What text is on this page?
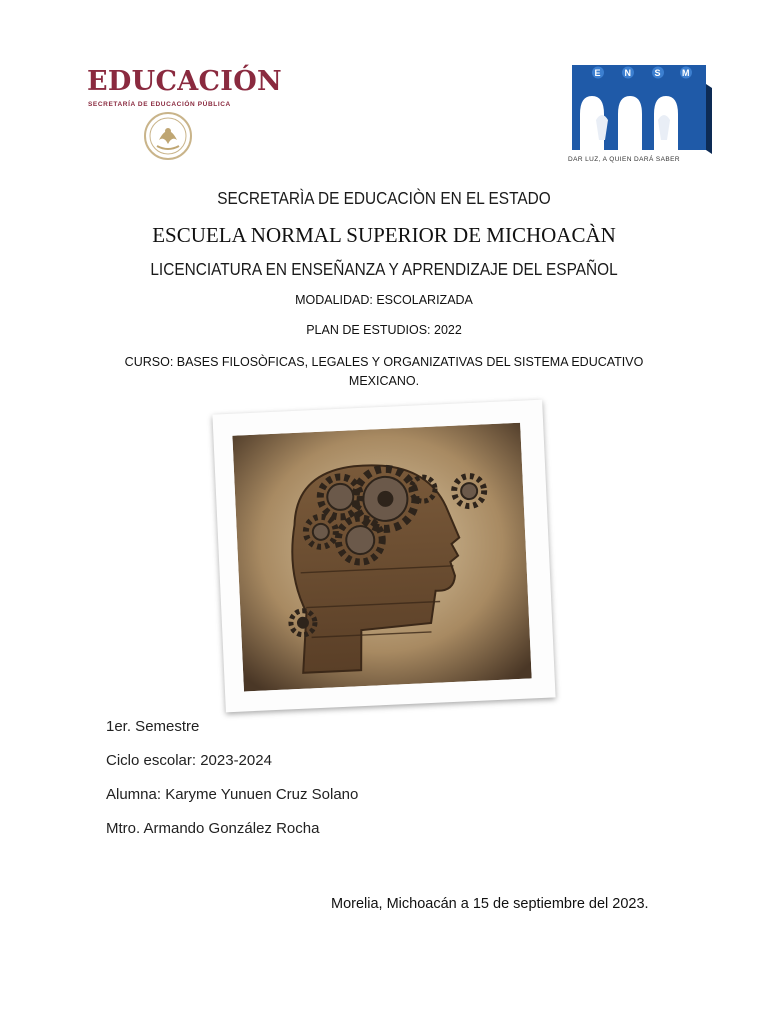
EDUCACIÓN
SECRETARÍA DE EDUCACIÓN PÚBLICA
E	N	S M
DAR LUZ, A QUIEN DARÁ SABER
SECRETARÌA DE EDUCACIÒN EN EL ESTADO
ESCUELA NORMAL SUPERIOR DE MICHOACÀN
LICENCIATURA EN ENSEÑANZA Y APRENDIZAJE DEL ESPAÑOL
MODALIDAD: ESCOLARIZADA
PLAN DE ESTUDIOS: 2022
CURSO: BASES FILOSÒFICAS, LEGALES Y ORGANIZATIVAS DEL SISTEMA EDUCATIVO MEXICANO.
1er. Semestre
Ciclo escolar: 2023-2024
Alumna: Karyme Yunuen Cruz Solano
Mtro. Armando González Rocha
Morelia, Michoacán a 15 de septiembre del 2023.
